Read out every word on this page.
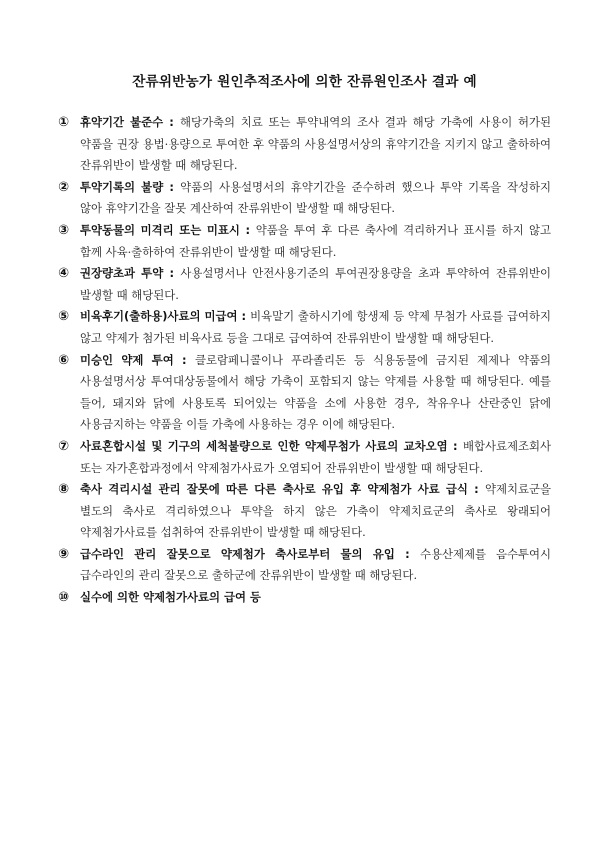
잔류위반농가 원인추적조사에 의한 잔류원인조사 결과 예
① 휴약기간 불준수 : 해당가축의 치료 또는 투약내역의 조사 결과 해당 가축에 사용이 허가된 약품을 권장 용법·용량으로 투여한 후 약품의 사용설명서상의 휴약기간을 지키지 않고 출하하여 잔류위반이 발생할 때 해당된다.
② 투약기록의 불량 : 약품의 사용설명서의 휴약기간을 준수하려 했으나 투약 기록을 작성하지 않아 휴약기간을 잘못 계산하여 잔류위반이 발생할 때 해당된다.
③ 투약동물의 미격리 또는 미표시 : 약품을 투여 후 다른 축사에 격리하거나 표시를 하지 않고 함께 사육·출하하여 잔류위반이 발생할 때 해당된다.
④ 권장량초과 투약 : 사용설명서나 안전사용기준의 투여권장용량을 초과 투약하여 잔류위반이 발생할 때 해당된다.
⑤ 비육후기(출하용)사료의 미급여 : 비육말기 출하시기에 항생제 등 약제 무첨가 사료를 급여하지 않고 약제가 첨가된 비육사료 등을 그대로 급여하여 잔류위반이 발생할 때 해당된다.
⑥ 미승인 약제 투여 : 클로람페니콜이나 푸라졸리돈 등 식용동물에 금지된 제제나 약품의 사용설명서상 투여대상동물에서 해당 가축이 포함되지 않는 약제를 사용할 때 해당된다. 예를 들어, 돼지와 닭에 사용토록 되어있는 약품을 소에 사용한 경우, 착유우나 산란중인 닭에 사용금지하는 약품을 이들 가축에 사용하는 경우 이에 해당된다.
⑦ 사료혼합시설 및 기구의 세척불량으로 인한 약제무첨가 사료의 교차오염 : 배합사료제조회사 또는 자가혼합과정에서 약제첨가사료가 오염되어 잔류위반이 발생할 때 해당된다.
⑧ 축사 격리시설 관리 잘못에 따른 다른 축사로 유입 후 약제첨가 사료 급식 : 약제치료군을 별도의 축사로 격리하였으나 투약을 하지 않은 가축이 약제치료군의 축사로 왕래되어 약제첨가사료를 섭취하여 잔류위반이 발생할 때 해당된다.
⑨ 급수라인 관리 잘못으로 약제첨가 축사로부터 물의 유입 : 수용산제제를 음수투여시 급수라인의 관리 잘못으로 출하군에 잔류위반이 발생할 때 해당된다.
⑩ 실수에 의한 약제첨가사료의 급여 등
